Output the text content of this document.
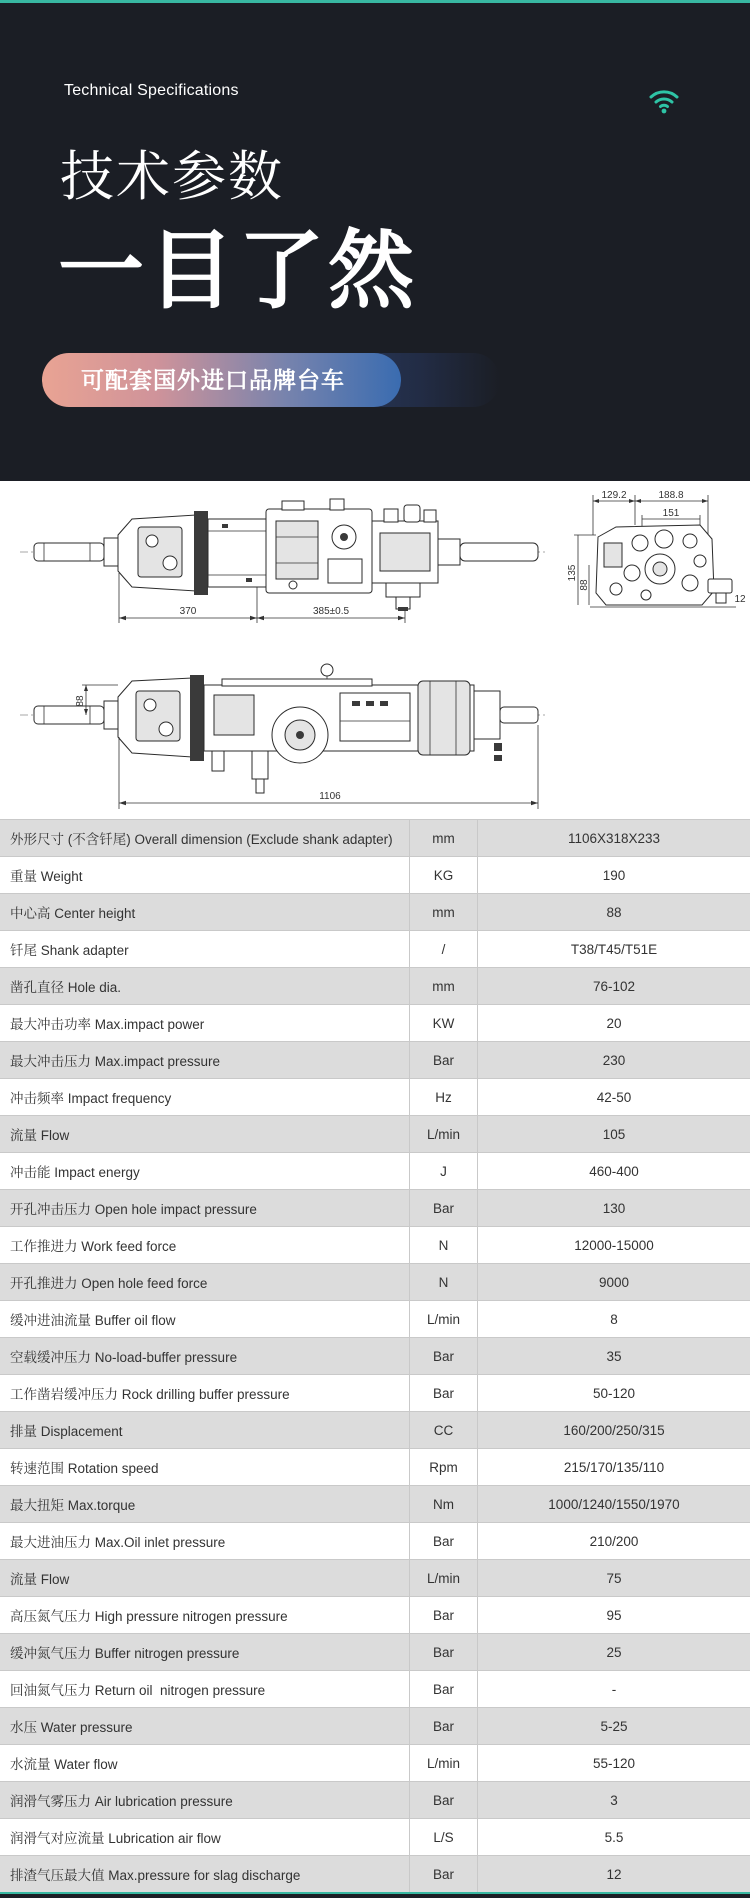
Technical Specifications
技术参数
一目了然
可配套国外进口品牌台车
370	385±0.5
129.2	188.8
151
135
88
12
88
1106
外形尺寸 (不含钎尾) Overall dimension (Exclude shank adapter)	mm	1106X318X233
重量 Weight	KG	190
中心高 Center height	mm	88
钎尾 Shank adapter	/	T38/T45/T51E
凿孔直径 Hole dia.	mm	76-102
最大冲击功率 Max.impact power	KW	20
最大冲击压力 Max.impact pressure	Bar	230
冲击频率 Impact frequency	Hz	42-50
流量 Flow	L/min	105
冲击能 Impact energy	J	460-400
开孔冲击压力 Open hole impact pressure	Bar	130
工作推进力 Work feed force	N	12000-15000
开孔推进力 Open hole feed force	N	9000
缓冲进油流量 Buffer oil flow	L/min	8
空载缓冲压力 No-load-buffer pressure	Bar	35
工作凿岩缓冲压力 Rock drilling buffer pressure	Bar	50-120
排量 Displacement	CC	160/200/250/315
转速范围 Rotation speed	Rpm	215/170/135/110
最大扭矩 Max.torque	Nm	1000/1240/1550/1970
最大进油压力 Max.Oil inlet pressure	Bar	210/200
流量 Flow	L/min	75
高压氮气压力 High pressure nitrogen pressure	Bar	95
缓冲氮气压力 Buffer nitrogen pressure	Bar	25
回油氮气压力 Return oil  nitrogen pressure	Bar	-
水压 Water pressure	Bar	5-25
水流量 Water flow	L/min	55-120
润滑气雾压力 Air lubrication pressure	Bar	3
润滑气对应流量 Lubrication air flow	L/S	5.5
排渣气压最大值 Max.pressure for slag discharge	Bar	12
